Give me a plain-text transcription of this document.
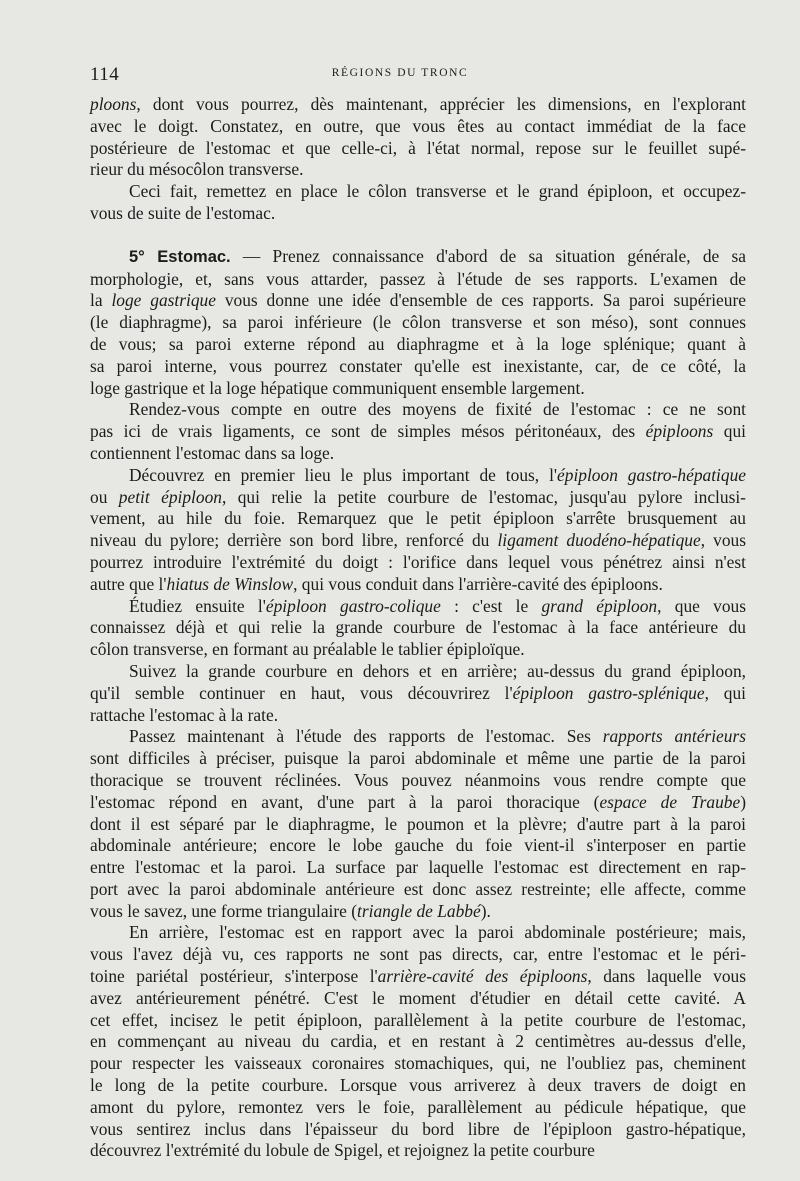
114	RÉGIONS DU TRONC

ploons, dont vous pourrez, dès maintenant, apprécier les dimensions, en l'explorant
avec le doigt. Constatez, en outre, que vous êtes au contact immédiat de la face
postérieure de l'estomac et que celle-ci, à l'état normal, repose sur le feuillet supé-
rieur du mésocôlon transverse.

Ceci fait, remettez en place le côlon transverse et le grand épiploon, et occupez-
vous de suite de l'estomac.

5° Estomac. — Prenez connaissance d'abord de sa situation générale, de sa
morphologie, et, sans vous attarder, passez à l'étude de ses rapports. L'examen de
la loge gastrique vous donne une idée d'ensemble de ces rapports. Sa paroi supérieure
(le diaphragme), sa paroi inférieure (le côlon transverse et son méso), sont connues
de vous; sa paroi externe répond au diaphragme et à la loge splénique; quant à
sa paroi interne, vous pourrez constater qu'elle est inexistante, car, de ce côté, la
loge gastrique et la loge hépatique communiquent ensemble largement.

Rendez-vous compte en outre des moyens de fixité de l'estomac : ce ne sont
pas ici de vrais ligaments, ce sont de simples mésos péritonéaux, des épiploons qui
contiennent l'estomac dans sa loge.

Découvrez en premier lieu le plus important de tous, l'épiploon gastro-hépatique
ou petit épiploon, qui relie la petite courbure de l'estomac, jusqu'au pylore inclusi-
vement, au hile du foie. Remarquez que le petit épiploon s'arrête brusquement au
niveau du pylore; derrière son bord libre, renforcé du ligament duodéno-hépatique, vous
pourrez introduire l'extrémité du doigt : l'orifice dans lequel vous pénétrez ainsi n'est
autre que l'hiatus de Winslow, qui vous conduit dans l'arrière-cavité des épiploons.

Étudiez ensuite l'épiploon gastro-colique : c'est le grand épiploon, que vous
connaissez déjà et qui relie la grande courbure de l'estomac à la face antérieure du
côlon transverse, en formant au préalable le tablier épiploïque.

Suivez la grande courbure en dehors et en arrière; au-dessus du grand épiploon,
qu'il semble continuer en haut, vous découvrirez l'épiploon gastro-splénique, qui
rattache l'estomac à la rate.

Passez maintenant à l'étude des rapports de l'estomac. Ses rapports antérieurs
sont difficiles à préciser, puisque la paroi abdominale et même une partie de la paroi
thoracique se trouvent réclinées. Vous pouvez néanmoins vous rendre compte que
l'estomac répond en avant, d'une part à la paroi thoracique (espace de Traube)
dont il est séparé par le diaphragme, le poumon et la plèvre; d'autre part à la paroi
abdominale antérieure; encore le lobe gauche du foie vient-il s'interposer en partie
entre l'estomac et la paroi. La surface par laquelle l'estomac est directement en rap-
port avec la paroi abdominale antérieure est donc assez restreinte; elle affecte, comme
vous le savez, une forme triangulaire (triangle de Labbé).

En arrière, l'estomac est en rapport avec la paroi abdominale postérieure; mais,
vous l'avez déjà vu, ces rapports ne sont pas directs, car, entre l'estomac et le péri-
toine pariétal postérieur, s'interpose l'arrière-cavité des épiploons, dans laquelle vous
avez antérieurement pénétré. C'est le moment d'étudier en détail cette cavité. A
cet effet, incisez le petit épiploon, parallèlement à la petite courbure de l'estomac,
en commençant au niveau du cardia, et en restant à 2 centimètres au-dessus d'elle,
pour respecter les vaisseaux coronaires stomachiques, qui, ne l'oubliez pas, cheminent
le long de la petite courbure. Lorsque vous arriverez à deux travers de doigt en
amont du pylore, remontez vers le foie, parallèlement au pédicule hépatique, que
vous sentirez inclus dans l'épaisseur du bord libre de l'épiploon gastro-hépatique,
découvrez l'extrémité du lobule de Spigel, et rejoignez la petite courbure
